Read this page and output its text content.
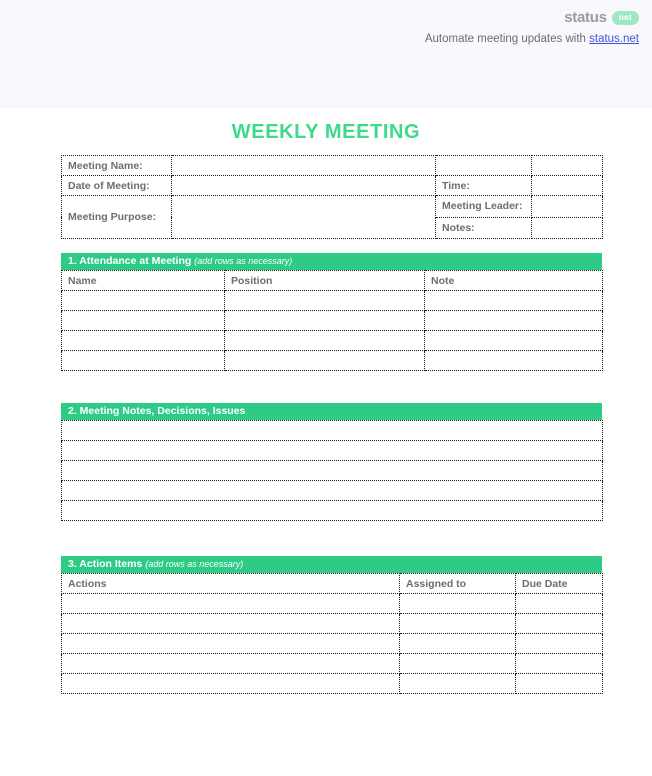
status	net
Automate meeting updates with status.net
WEEKLY MEETING
Meeting Name:			
Date of Meeting:		Time:	
Meeting Purpose:		Meeting Leader:	
		Notes:	
1. Attendance at Meeting (add rows as necessary)
Name	Position	Note

2. Meeting Notes, Decisions, Issues

3. Action Items (add rows as necessary)
Actions	Assigned to	Due Date
